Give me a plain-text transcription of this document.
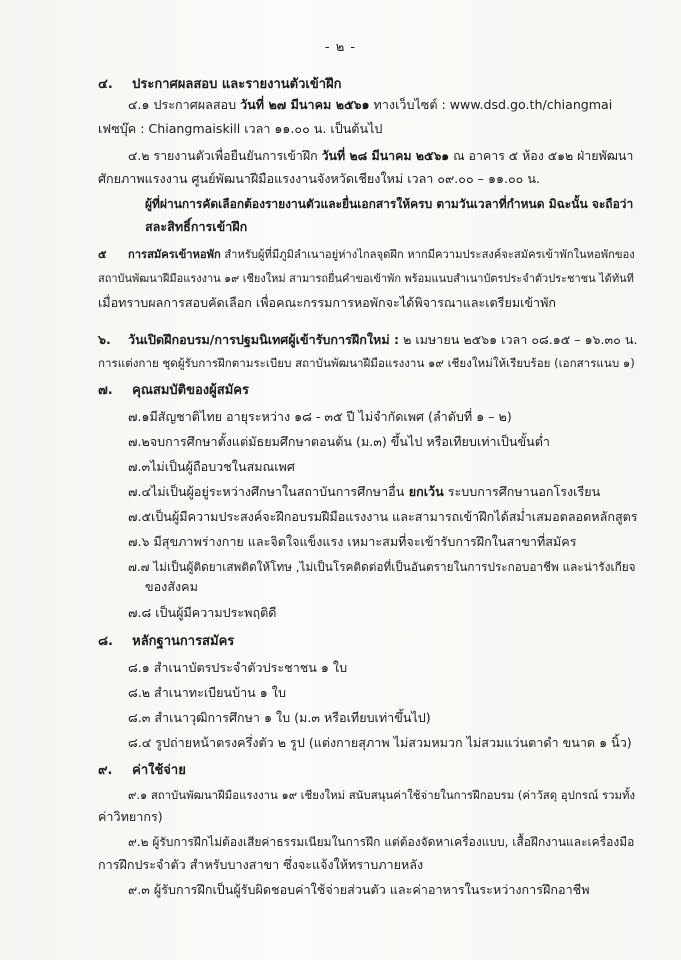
- ๒ -
๔. ประกาศผลสอบ และรายงานตัวเข้าฝึก
๔.๑ ประกาศผลสอบ วันที่ ๒๗ มีนาคม ๒๕๖๑ ทางเว็บไซต์ : www.dsd.go.th/chiangmai
เฟซบุ๊ค : Chiangmaiskill เวลา ๑๑.๐๐ น. เป็นต้นไป
๔.๒ รายงานตัวเพื่อยืนยันการเข้าฝึก วันที่ ๒๘ มีนาคม ๒๕๖๑ ณ อาคาร ๕ ห้อง ๕๑๒ ฝ่ายพัฒนา
ศักยภาพแรงงาน ศูนย์พัฒนาฝีมือแรงงานจังหวัดเชียงใหม่ เวลา ๐๙.๐๐ – ๑๑.๐๐ น.
ผู้ที่ผ่านการคัดเลือกต้องรายงานตัวและยื่นเอกสารให้ครบ ตามวันเวลาที่กำหนด มิฉะนั้น จะถือว่า
สละสิทธิ์การเข้าฝึก
๕ การสมัครเข้าหอพัก สำหรับผู้ที่มีภูมิลำเนาอยู่ห่างไกลจุดฝึก หากมีความประสงค์จะสมัครเข้าพักในหอพักของ
สถาบันพัฒนาฝีมือแรงงาน ๑๙ เชียงใหม่ สามารถยื่นคำขอเข้าพัก พร้อมแนบสำเนาบัตรประจำตัวประชาชน ได้ทันที
เมื่อทราบผลการสอบคัดเลือก เพื่อคณะกรรมการหอพักจะได้พิจารณาและเตรียมเข้าพัก
๖. วันเปิดฝึกอบรม/การปฐมนิเทศผู้เข้ารับการฝึกใหม่ : ๒ เมษายน ๒๕๖๑ เวลา ๐๘.๑๕ – ๑๖.๓๐ น.
การแต่งกาย ชุดผู้รับการฝึกตามระเบียบ สถาบันพัฒนาฝีมือแรงงาน ๑๙ เชียงใหม่ให้เรียบร้อย (เอกสารแนบ ๑)
๗. คุณสมบัติของผู้สมัคร
๗.๑มีสัญชาติไทย อายุระหว่าง ๑๘ - ๓๕ ปี ไม่จำกัดเพศ (ลำดับที่ ๑ – ๒)
๗.๒จบการศึกษาตั้งแต่มัธยมศึกษาตอนต้น (ม.๓) ขึ้นไป หรือเทียบเท่าเป็นขั้นต่ำ
๗.๓ไม่เป็นผู้ถือบวชในสมณเพศ
๗.๔ไม่เป็นผู้อยู่ระหว่างศึกษาในสถาบันการศึกษาอื่น ยกเว้น ระบบการศึกษานอกโรงเรียน
๗.๕เป็นผู้มีความประสงค์จะฝึกอบรมฝีมือแรงงาน และสามารถเข้าฝึกได้สม่ำเสมอตลอดหลักสูตร
๗.๖ มีสุขภาพร่างกาย และจิตใจแข็งแรง เหมาะสมที่จะเข้ารับการฝึกในสาขาที่สมัคร
๗.๗ ไม่เป็นผู้ติดยาเสพติดให้โทษ ,ไม่เป็นโรคติดต่อที่เป็นอันตรายในการประกอบอาชีพ และน่ารังเกียจ
ของสังคม
๗.๘ เป็นผู้มีความประพฤติดี
๘. หลักฐานการสมัคร
๘.๑ สำเนาบัตรประจำตัวประชาชน ๑ ใบ
๘.๒ สำเนาทะเบียนบ้าน ๑ ใบ
๘.๓ สำเนาวุฒิการศึกษา ๑ ใบ (ม.๓ หรือเทียบเท่าขึ้นไป)
๘.๔ รูปถ่ายหน้าตรงครึ่งตัว ๒ รูป (แต่งกายสุภาพ ไม่สวมหมวก ไม่สวมแว่นตาดำ ขนาด ๑ นิ้ว)
๙. ค่าใช้จ่าย
๙.๑ สถาบันพัฒนาฝีมือแรงงาน ๑๙ เชียงใหม่ สนับสนุนค่าใช้จ่ายในการฝึกอบรม (ค่าวัสดุ อุปกรณ์ รวมทั้ง
ค่าวิทยากร)
๙.๒ ผู้รับการฝึกไม่ต้องเสียค่าธรรมเนียมในการฝึก แต่ต้องจัดหาเครื่องแบบ, เสื้อฝึกงานและเครื่องมือ
การฝึกประจำตัว สำหรับบางสาขา ซึ่งจะแจ้งให้ทราบภายหลัง
๙.๓ ผู้รับการฝึกเป็นผู้รับผิดชอบค่าใช้จ่ายส่วนตัว และค่าอาหารในระหว่างการฝึกอาชีพ
